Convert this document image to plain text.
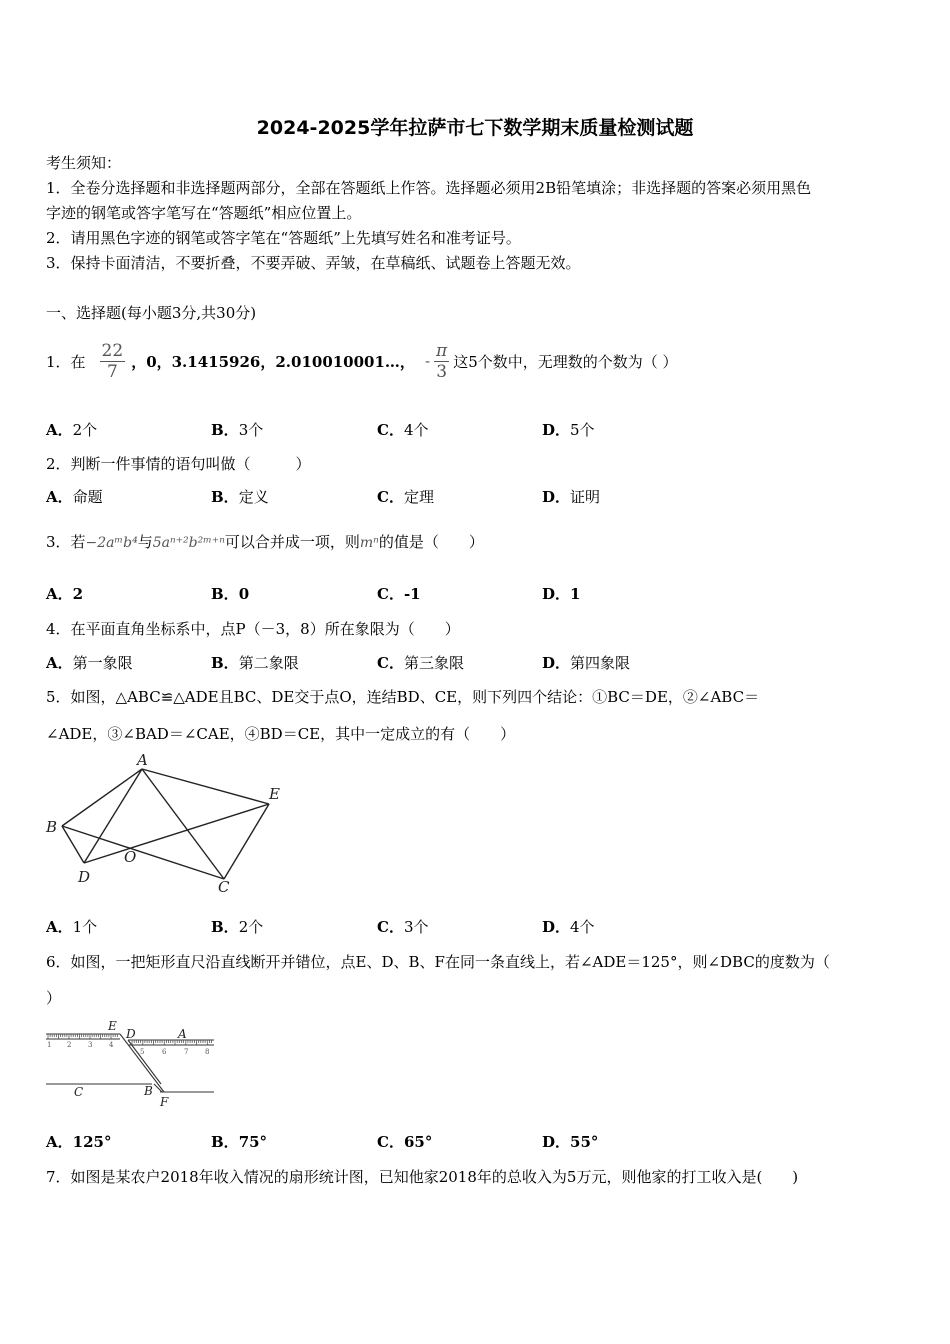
2024-2025学年拉萨市七下数学期末质量检测试题
考生须知：
1．全卷分选择题和非选择题两部分，全部在答题纸上作答。选择题必须用2B铅笔填涂；非选择题的答案必须用黑色
字迹的钢笔或答字笔写在“答题纸”相应位置上。
2．请用黑色字迹的钢笔或答字笔在“答题纸”上先填写姓名和准考证号。
3．保持卡面清洁，不要折叠，不要弄破、弄皱，在草稿纸、试题卷上答题无效。
一、选择题(每小题3分,共30分)
1．在 $\frac{22}{7}$ ，0，3.1415926，2.010010001…， - $\frac{\pi}{3}$ 这5个数中，无理数的个数为（ ）
A．2个	B．3个	C．4个	D．5个
2．判断一件事情的语句叫做（　　　）
A．命题	B．定义	C．定理	D．证明
3．若−2aᵐb⁴与5aⁿ⁺²b²ᵐ⁺ⁿ可以合并成一项，则mⁿ的值是（　　）
A．2	B．0	C．-1	D．1
4．在平面直角坐标系中，点P（－3，8）所在象限为（　　）
A．第一象限	B．第二象限	C．第三象限	D．第四象限
5．如图，△ABC≌△ADE且BC、DE交于点O，连结BD、CE，则下列四个结论：①BC＝DE，②∠ABC＝
∠ADE，③∠BAD＝∠CAE，④BD＝CE，其中一定成立的有（　　）
A
B
C
D
E
O
A．1个	B．2个	C．3个	D．4个
6．如图，一把矩形直尺沿直线断开并错位，点E、D、B、F在同一条直线上，若∠ADE＝125°，则∠DBC的度数为（
）
1 2 3 4
5	6	7 8
E
D	A
C	B
F
A．125°	B．75°	C．65°	D．55°
7．如图是某农户2018年收入情况的扇形统计图，已知他家2018年的总收入为5万元，则他家的打工收入是(　　)
